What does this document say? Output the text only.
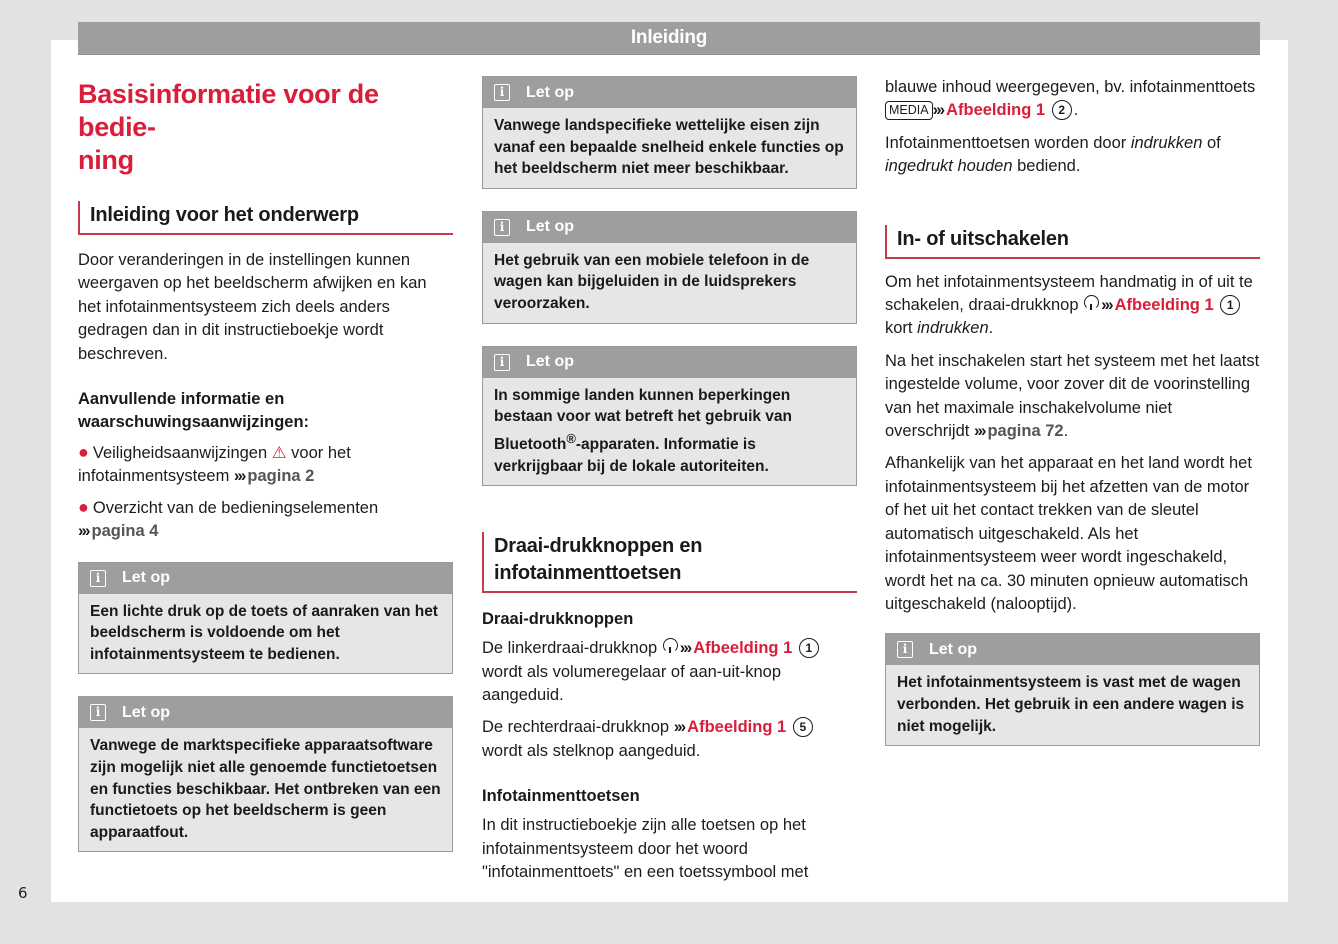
Inleiding
6
Basisinformatie voor de bedie-
ning
Inleiding voor het onderwerp

Door veranderingen in de instellingen kunnen weergaven op het beeldscherm afwijken en kan het infotainmentsysteem zich deels anders gedragen dan in dit instructieboekje wordt beschreven.

Aanvullende informatie en waarschuwingsaanwijzingen:

● Veiligheidsaanwijzingen ⚠ voor het infotainmentsysteem ››› pagina 2

● Overzicht van de bedieningselementen
››› pagina 4

i	Let op
Een lichte druk op de toets of aanraken van het beeldscherm is voldoende om het infotainmentsysteem te bedienen.
i	Let op
Vanwege de marktspecifieke apparaatsoftware zijn mogelijk niet alle genoemde functietoetsen en functies beschikbaar. Het ontbreken van een functietoets op het beeldscherm is geen apparaatfout.
i	Let op
Vanwege landspecifieke wettelijke eisen zijn vanaf een bepaalde snelheid enkele functies op het beeldscherm niet meer beschikbaar.
i	Let op
Het gebruik van een mobiele telefoon in de wagen kan bijgeluiden in de luidsprekers veroorzaken.
i	Let op
In sommige landen kunnen beperkingen bestaan voor wat betreft het gebruik van Bluetooth®-apparaten. Informatie is verkrijgbaar bij de lokale autoriteiten.
Draai-drukknoppen en infotainmenttoetsen
Draai-drukknoppen

De linkerdraai-drukknop ››› Afbeelding 1 1 wordt als volumeregelaar of aan-uit-knop aangeduid.

De rechterdraai-drukknop ››› Afbeelding 1 5 wordt als stelknop aangeduid.

Infotainmenttoetsen

In dit instructieboekje zijn alle toetsen op het infotainmentsysteem door het woord "infotainmenttoets" en een toetssymbool met

blauwe inhoud weergegeven, bv. infotainmenttoets MEDIA ››› Afbeelding 1 2 .

Infotainmenttoetsen worden door indrukken of ingedrukt houden bediend.

In- of uitschakelen

Om het infotainmentsysteem handmatig in of uit te schakelen, draai-drukknop ››› Afbeelding 1 1 kort indrukken.

Na het inschakelen start het systeem met het laatst ingestelde volume, voor zover dit de voorinstelling van het maximale inschakelvolume niet overschrijdt ››› pagina 72.

Afhankelijk van het apparaat en het land wordt het infotainmentsysteem bij het afzetten van de motor of het uit het contact trekken van de sleutel automatisch uitgeschakeld. Als het infotainmentsysteem weer wordt ingeschakeld, wordt het na ca. 30 minuten opnieuw automatisch uitgeschakeld (nalooptijd).

i	Let op
Het infotainmentsysteem is vast met de wagen verbonden. Het gebruik in een andere wagen is niet mogelijk.
